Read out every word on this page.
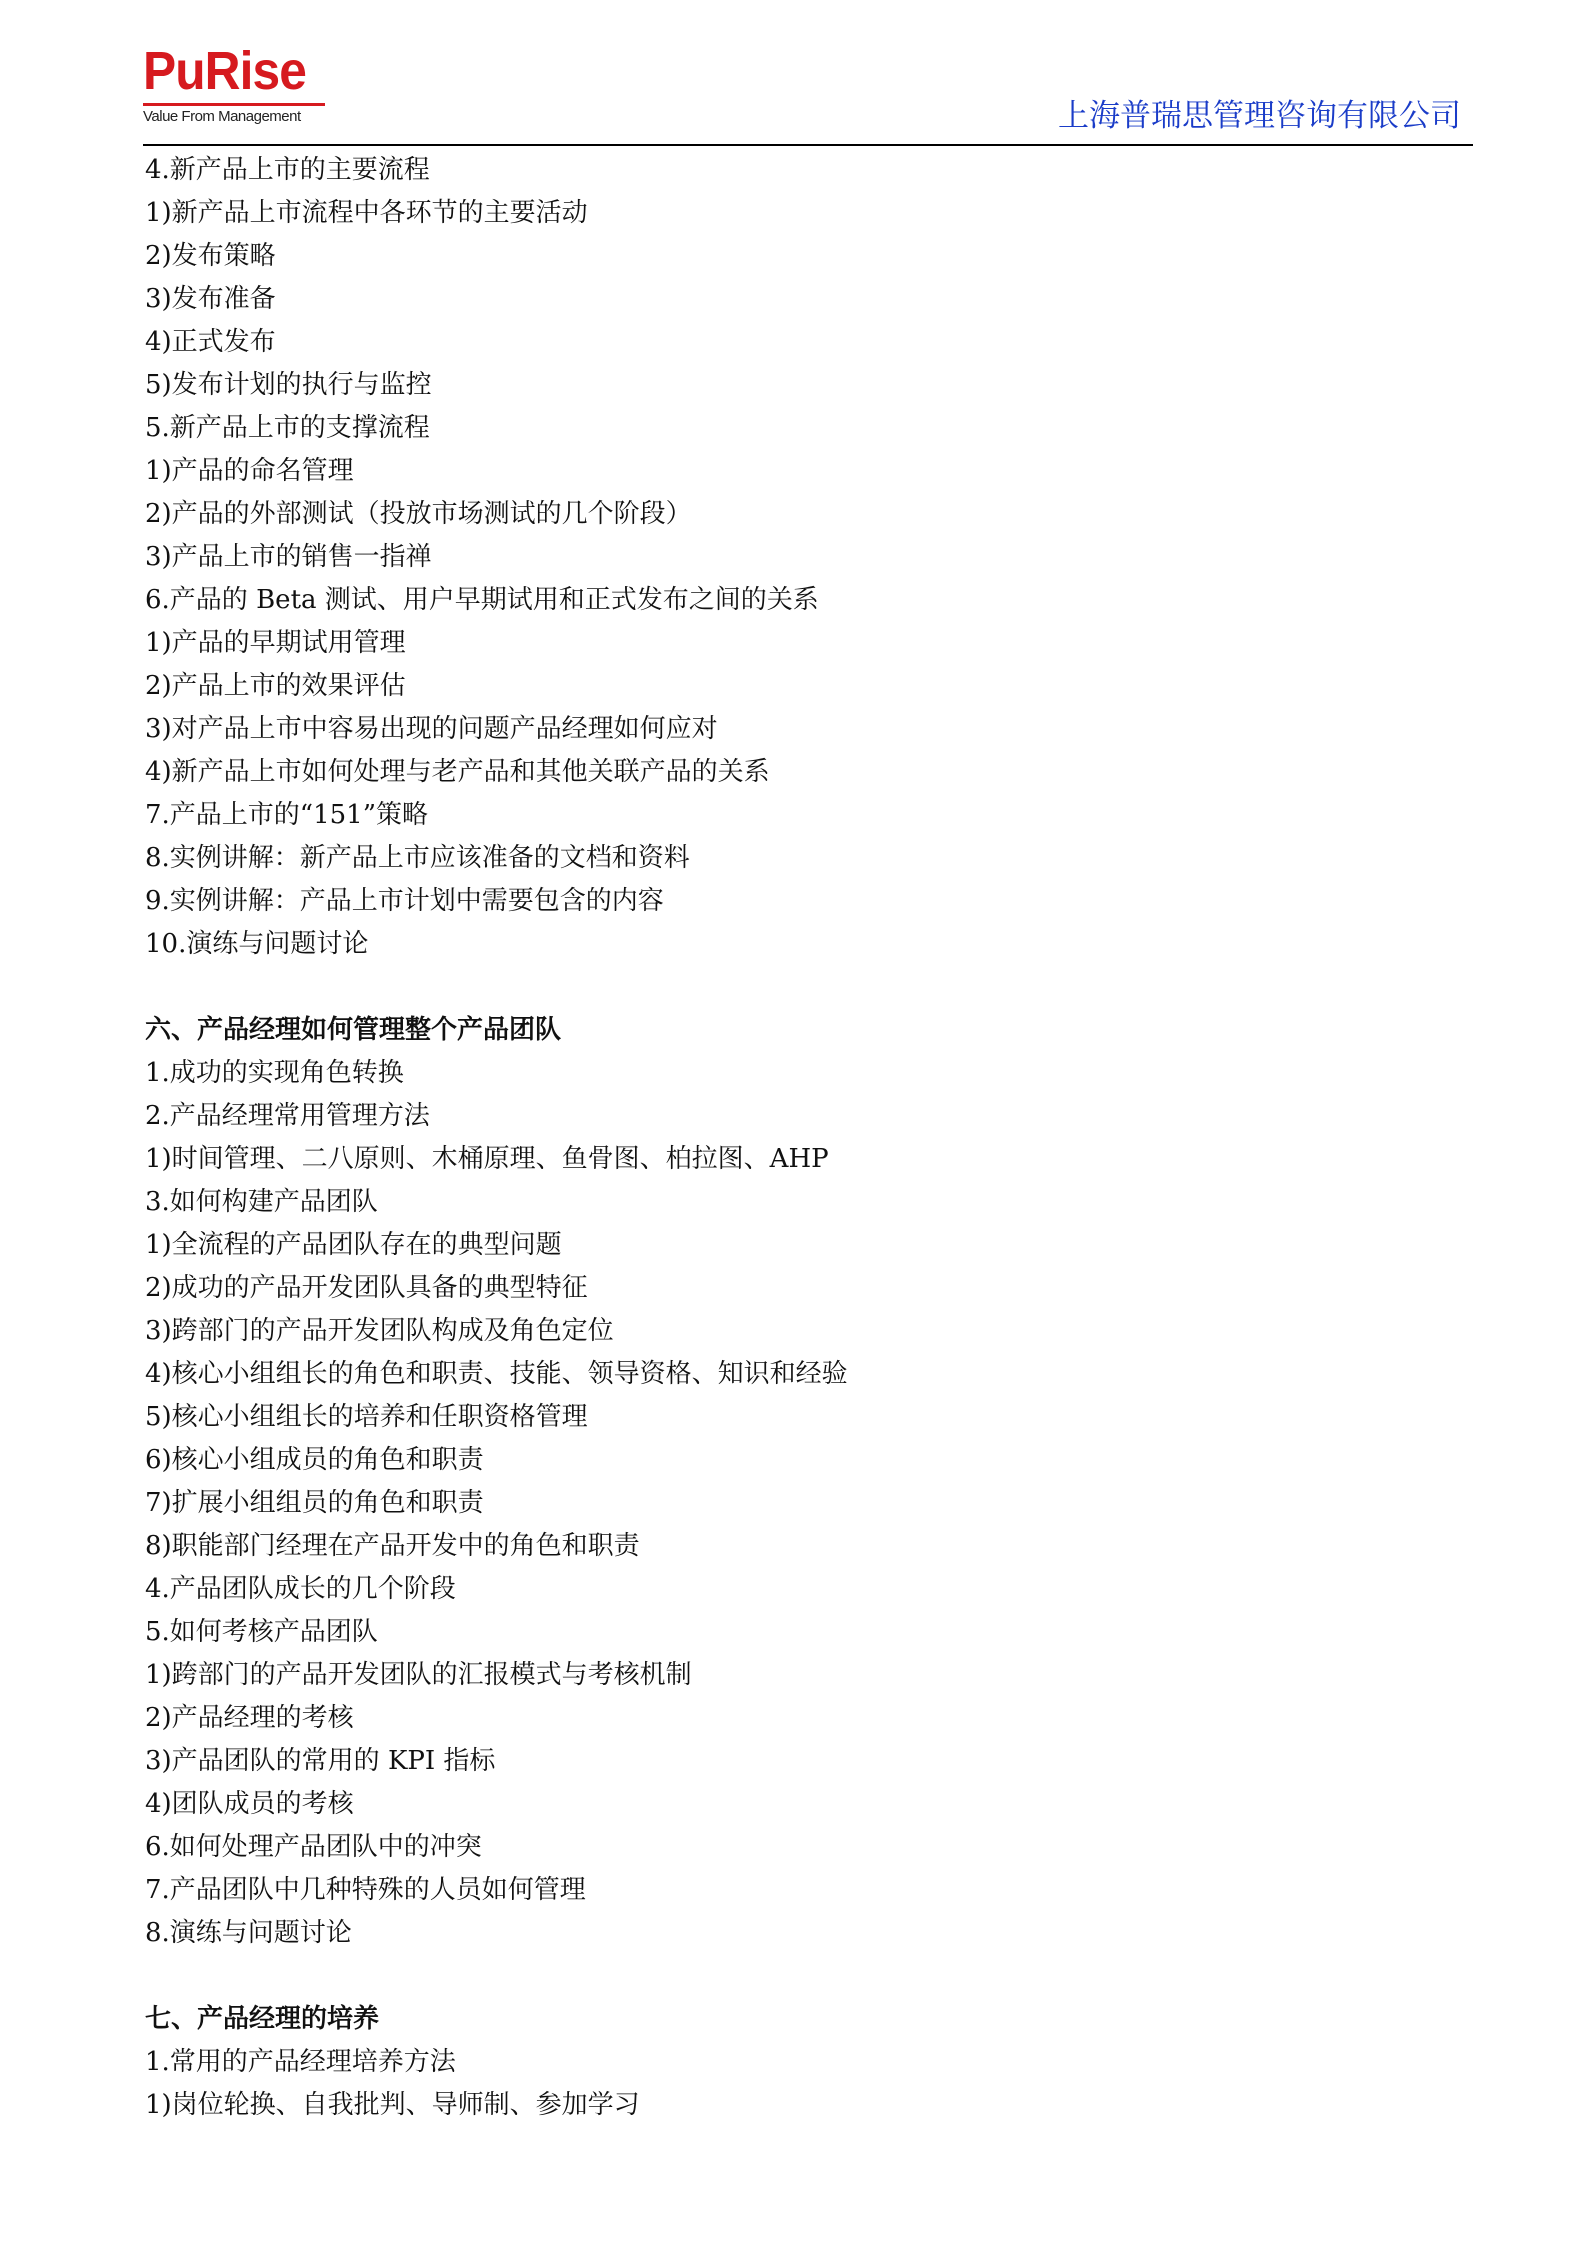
PuRise
Value From Management	上海普瑞思管理咨询有限公司
4.新产品上市的主要流程
1)新产品上市流程中各环节的主要活动
2)发布策略
3)发布准备
4)正式发布
5)发布计划的执行与监控
5.新产品上市的支撑流程
1)产品的命名管理
2)产品的外部测试（投放市场测试的几个阶段）
3)产品上市的销售一指禅
6.产品的 Beta 测试、用户早期试用和正式发布之间的关系
1)产品的早期试用管理
2)产品上市的效果评估
3)对产品上市中容易出现的问题产品经理如何应对
4)新产品上市如何处理与老产品和其他关联产品的关系
7.产品上市的“151”策略
8.实例讲解：新产品上市应该准备的文档和资料
9.实例讲解：产品上市计划中需要包含的内容
10.演练与问题讨论
六、产品经理如何管理整个产品团队
1.成功的实现角色转换
2.产品经理常用管理方法
1)时间管理、二八原则、木桶原理、鱼骨图、柏拉图、AHP
3.如何构建产品团队
1)全流程的产品团队存在的典型问题
2)成功的产品开发团队具备的典型特征
3)跨部门的产品开发团队构成及角色定位
4)核心小组组长的角色和职责、技能、领导资格、知识和经验
5)核心小组组长的培养和任职资格管理
6)核心小组成员的角色和职责
7)扩展小组组员的角色和职责
8)职能部门经理在产品开发中的角色和职责
4.产品团队成长的几个阶段
5.如何考核产品团队
1)跨部门的产品开发团队的汇报模式与考核机制
2)产品经理的考核
3)产品团队的常用的 KPI 指标
4)团队成员的考核
6.如何处理产品团队中的冲突
7.产品团队中几种特殊的人员如何管理
8.演练与问题讨论
七、产品经理的培养
1.常用的产品经理培养方法
1)岗位轮换、自我批判、导师制、参加学习
